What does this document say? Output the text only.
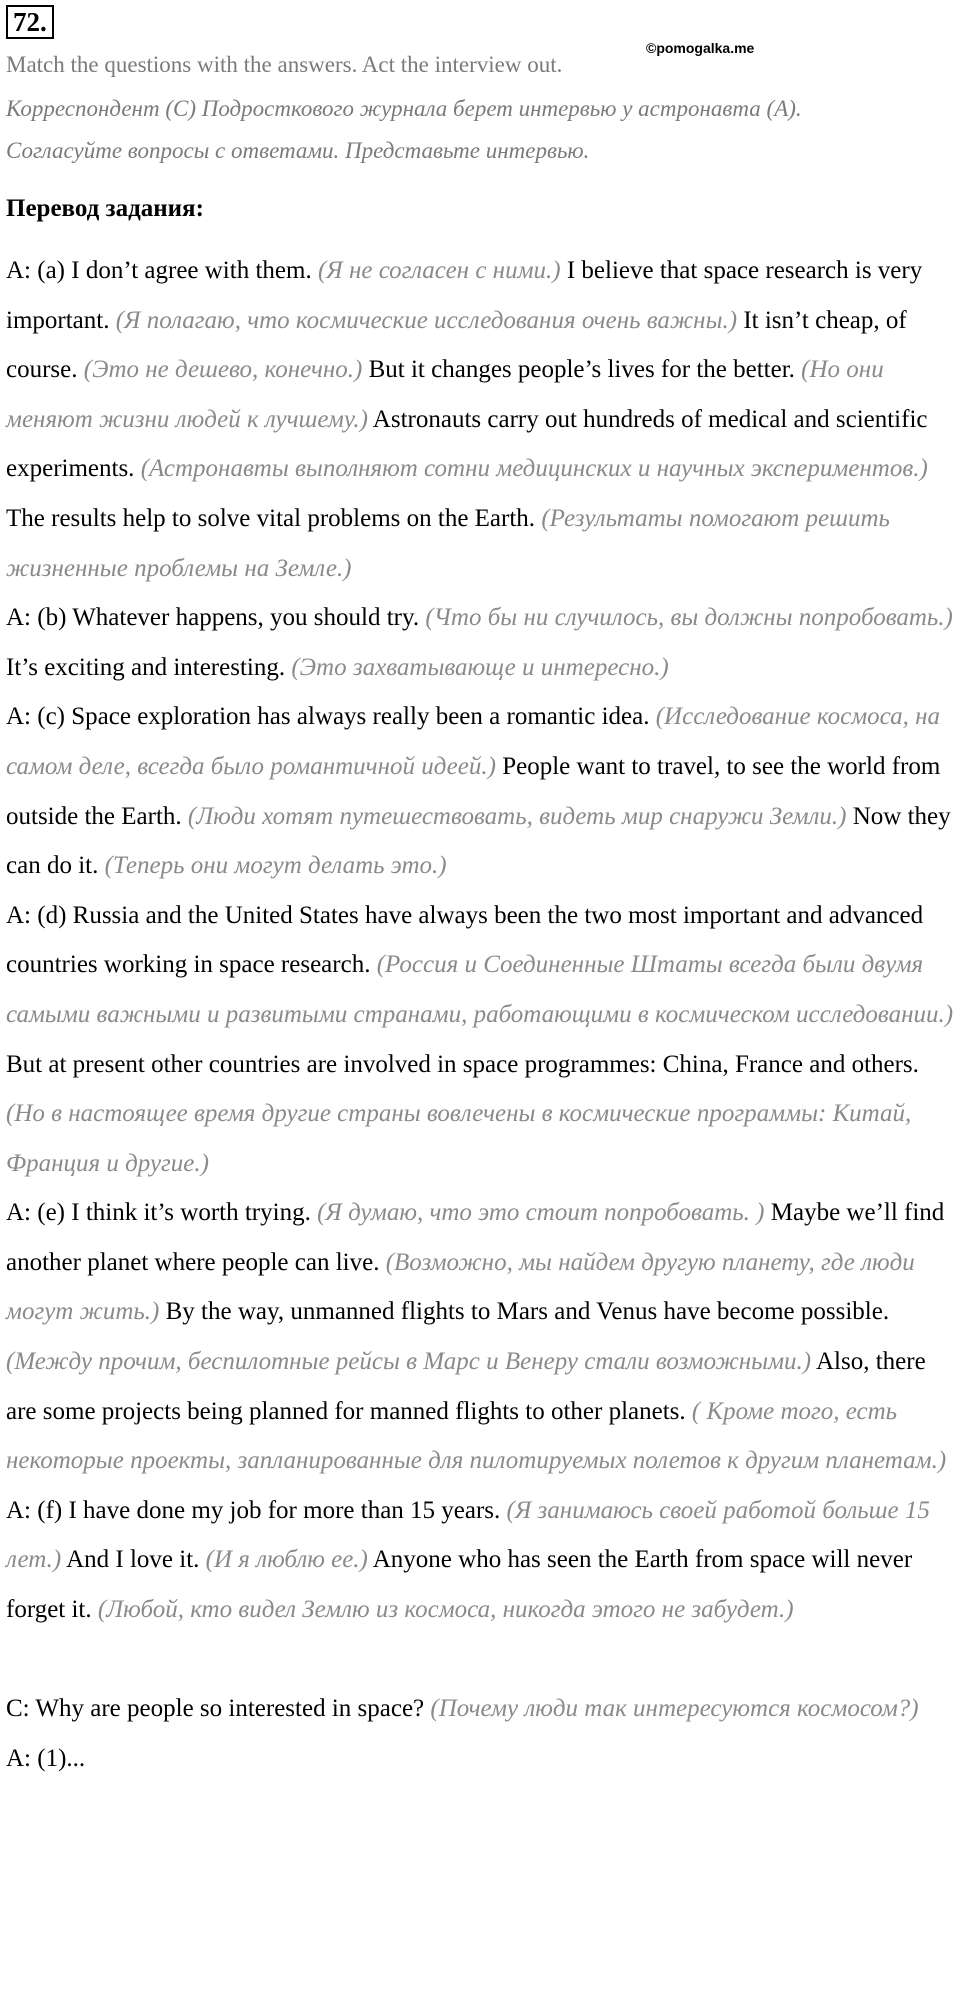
72.
©pomogalka.me
Match the questions with the answers. Act the interview out.
Корреспондент (С) Подросткового журнала берет интервью у астронавта (А).
Согласуйте вопросы с ответами. Представьте интервью.
Перевод задания:

A: (a) I don’t agree with them. (Я не согласен с ними.) I believe that space research is very important. (Я полагаю, что космические исследования очень важны.) It isn’t cheap, of course. (Это не дешево, конечно.) But it changes people’s lives for the better. (Но они меняют жизни людей к лучшему.) Astronauts carry out hundreds of medical and scientific experiments. (Астронавты выполняют сотни медицинских и научных экспериментов.) The results help to solve vital problems on the Earth. (Результаты помогают решить жизненные проблемы на Земле.)

A: (b) Whatever happens, you should try. (Что бы ни случилось, вы должны попробовать.) It’s exciting and interesting. (Это захватывающе и интересно.)

A: (c) Space exploration has always really been a romantic idea. (Исследование космоса, на самом деле, всегда было романтичной идеей.) People want to travel, to see the world from outside the Earth. (Люди хотят путешествовать, видеть мир снаружи Земли.) Now they can do it. (Теперь они могут делать это.)

A: (d) Russia and the United States have always been the two most important and advanced countries working in space research. (Россия и Соединенные Штаты всегда были двумя самыми важными и развитыми странами, работающими в космическом исследовании.) But at present other countries are involved in space programmes: China, France and others. (Но в настоящее время другие страны вовлечены в космические программы: Китай, Франция и другие.)

A: (e) I think it’s worth trying. (Я думаю, что это стоит попробовать. ) Maybe we’ll find another planet where people can live. (Возможно, мы найдем другую планету, где люди могут жить.) By the way, unmanned flights to Mars and Venus have become possible. (Между прочим, беспилотные рейсы в Марс и Венеру стали возможными.) Also, there are some projects being planned for manned flights to other planets. ( Кроме того, есть некоторые проекты, запланированные для пилотируемых полетов к другим планетам.)

A: (f) I have done my job for more than 15 years. (Я занимаюсь своей работой больше 15 лет.) And I love it. (И я люблю ее.) Anyone who has seen the Earth from space will never forget it. (Любой, кто видел Землю из космоса, никогда этого не забудет.)

C: Why are people so interested in space? (Почему люди так интересуются космосом?)

A: (1)...
